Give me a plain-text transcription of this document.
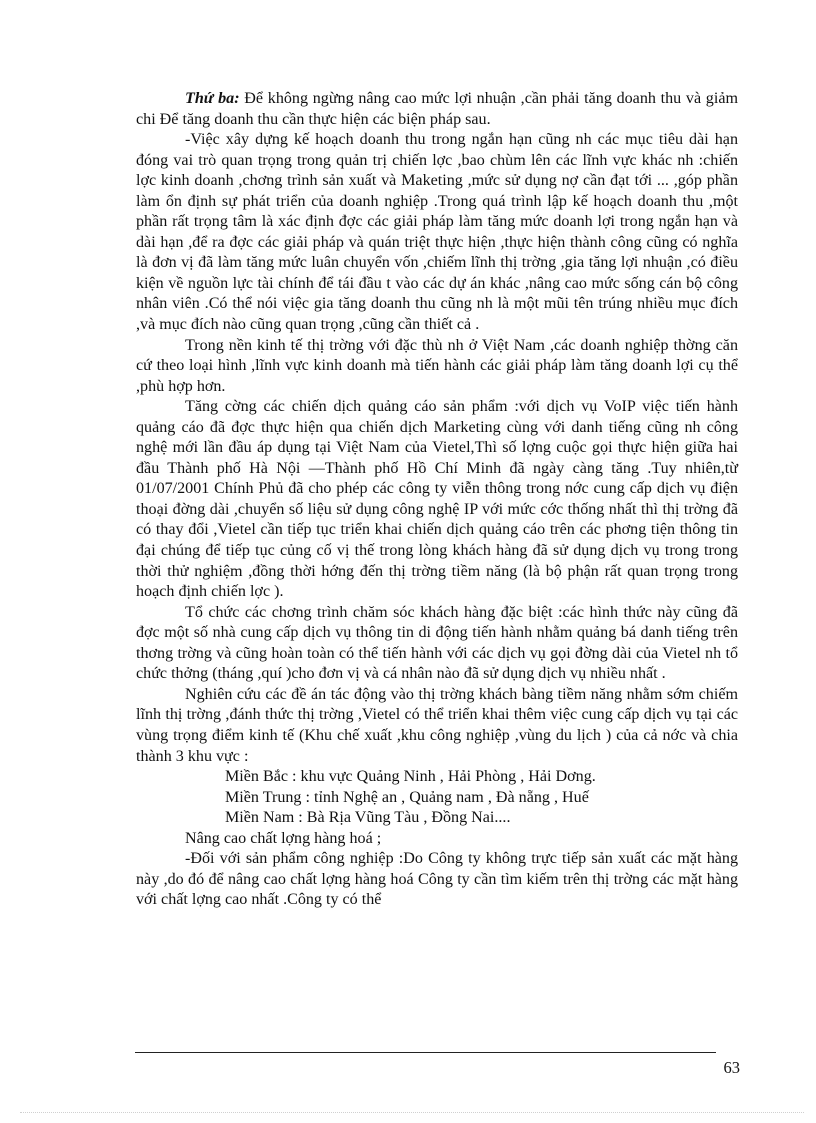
Thứ ba: Để không ngừng nâng cao mức lợi nhuận ,cần phải tăng doanh thu và giảm chi Để tăng doanh thu cần thực hiện các biện pháp sau.

-Việc xây dựng kế hoạch doanh thu trong ngắn hạn cũng nh các mục tiêu dài hạn đóng vai trò quan trọng trong quản trị chiến lợc ,bao chùm lên các lĩnh vực khác nh :chiến lợc kinh doanh ,chơng trình sản xuất và Maketing ,mức sử dụng nợ cần đạt tới ... ,góp phần làm ổn định sự phát triển của doanh nghiệp .Trong quá trình lập kế hoạch doanh thu ,một phần rất trọng tâm là xác định đợc các giải pháp làm tăng mức doanh lợi trong ngắn hạn và dài hạn ,để ra đợc các giải pháp và quán triệt thực hiện ,thực hiện thành công cũng có nghĩa là đơn vị đã làm tăng mức luân chuyển vốn ,chiếm lĩnh thị trờng ,gia tăng lợi nhuận ,có điều kiện về nguồn lực tài chính để tái đầu t vào các dự án khác ,nâng cao mức sống cán bộ công nhân viên .Có thể nói việc gia tăng doanh thu cũng nh là một mũi tên trúng nhiều mục đích ,và mục đích nào cũng quan trọng ,cũng cần thiết cả .

Trong nền kinh tế thị trờng với đặc thù nh ở Việt Nam ,các doanh nghiệp thờng căn cứ theo loại hình ,lĩnh vực kinh doanh mà tiến hành các giải pháp làm tăng doanh lợi cụ thể ,phù hợp hơn.

Tăng cờng các chiến dịch quảng cáo sản phẩm :với dịch vụ VoIP việc tiến hành quảng cáo đã đợc thực hiện qua chiến dịch Marketing cùng với danh tiếng cũng nh công nghệ mới lần đầu áp dụng tại Việt Nam của Vietel,Thì số lợng cuộc gọi thực hiện giữa hai đầu Thành phố Hà Nội —Thành phố Hồ Chí Minh đã ngày càng tăng .Tuy nhiên,từ 01/07/2001 Chính Phủ đã cho phép các công ty viễn thông trong nớc cung cấp dịch vụ điện thoại đờng dài ,chuyển số liệu sử dụng công nghệ IP với mức cớc thống nhất thì thị trờng đã có thay đổi ,Vietel cần tiếp tục triển khai chiến dịch quảng cáo trên các phơng tiện thông tin đại chúng để tiếp tục củng cố vị thế trong lòng khách hàng đã sử dụng dịch vụ trong trong thời thử nghiệm ,đồng thời hớng đến thị trờng tiềm năng (là bộ phận rất quan trọng trong hoạch định chiến lợc ).

Tổ chức các chơng trình chăm sóc khách hàng đặc biệt :các hình thức này cũng đã đợc một số nhà cung cấp dịch vụ thông tin di động tiến hành nhằm quảng bá danh tiếng trên thơng trờng và cũng hoàn toàn có thể tiến hành với các dịch vụ gọi đờng dài của Vietel nh tổ chức thởng (tháng ,quí )cho đơn vị và cá nhân nào đã sử dụng dịch vụ nhiều nhất .

Nghiên cứu các đề án tác động vào thị trờng khách bàng tiềm năng nhằm sớm chiếm lĩnh thị trờng ,đánh thức thị trờng ,Vietel có thể triển khai thêm việc cung cấp dịch vụ tại các vùng trọng điểm kinh tế (Khu chế xuất ,khu công nghiệp ,vùng du lịch ) của cả nớc và chia thành 3 khu vực :

Miền Bắc : khu vực Quảng Ninh , Hải Phòng , Hải Dơng.

Miền Trung : tỉnh Nghệ an , Quảng nam , Đà nẵng , Huế

Miền Nam : Bà Rịa Vũng Tàu , Đồng Nai....

Nâng cao chất lợng hàng hoá ;

-Đối với sản phẩm công nghiệp :Do Công ty không trực tiếp sản xuất các mặt hàng này ,do đó để nâng cao chất lợng hàng hoá Công ty cần tìm kiếm trên thị trờng các mặt hàng với chất lợng cao nhất .Công ty có thể

63
